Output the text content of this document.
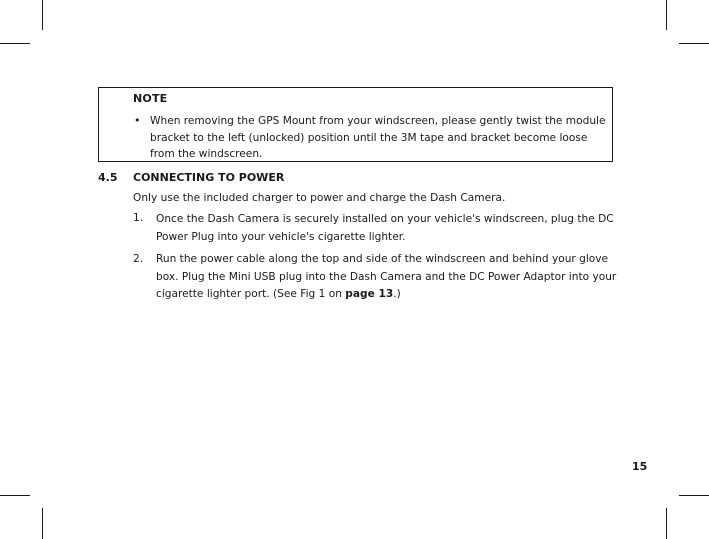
NOTE
• When removing the GPS Mount from your windscreen, please gently twist the module bracket to the left (unlocked) position until the 3M tape and bracket become loose from the windscreen.
4.5 CONNECTING TO POWER
Only use the included charger to power and charge the Dash Camera.
1. Once the Dash Camera is securely installed on your vehicle's windscreen, plug the DC Power Plug into your vehicle's cigarette lighter.
2. Run the power cable along the top and side of the windscreen and behind your glove box. Plug the Mini USB plug into the Dash Camera and the DC Power Adaptor into your cigarette lighter port. (See Fig 1 on page 13.)
15
